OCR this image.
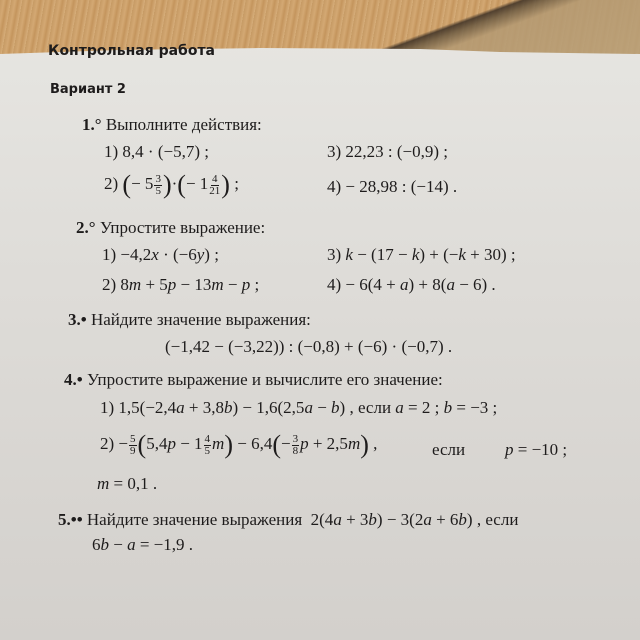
Контрольная работа
Вариант 2
1.° Выполните действия:
1) 8,4 · (−5,7) ;
2) (− $5 \frac{3}{5}$ )·(− $1 \frac{4}{21}$ ) ;
3) 22,23 : (−0,9) ;
4) − 28,98 : (−14) .
2.° Упростите выражение:
1) −4,2x · (−6y) ;
2) 8m + 5p − 13m − p ;
3) k − (17 − k) + (−k + 30) ;
4) − 6(4 + a) + 8(a − 6) .
3.• Найдите значение выражения:
(−1,42 − (−3,22)) : (−0,8) + (−6) · (−0,7) .
4.• Упростите выражение и вычислите его значение:
1) 1,5(−2,4a + 3,8b) − 1,6(2,5a − b) , если a = 2 ; b = −3 ;
$2) - \frac{5}{9} (5,4p - 1 \frac{4}{5} m) - 6,4(- \frac{3}{8}$ p + 2,5m) ,	если p = −10 ;
m = 0,1 .
5.•• Найдите значение выражения  2(4a + 3b) − 3(2a + 6b) , если
6b − a = −1,9 .
